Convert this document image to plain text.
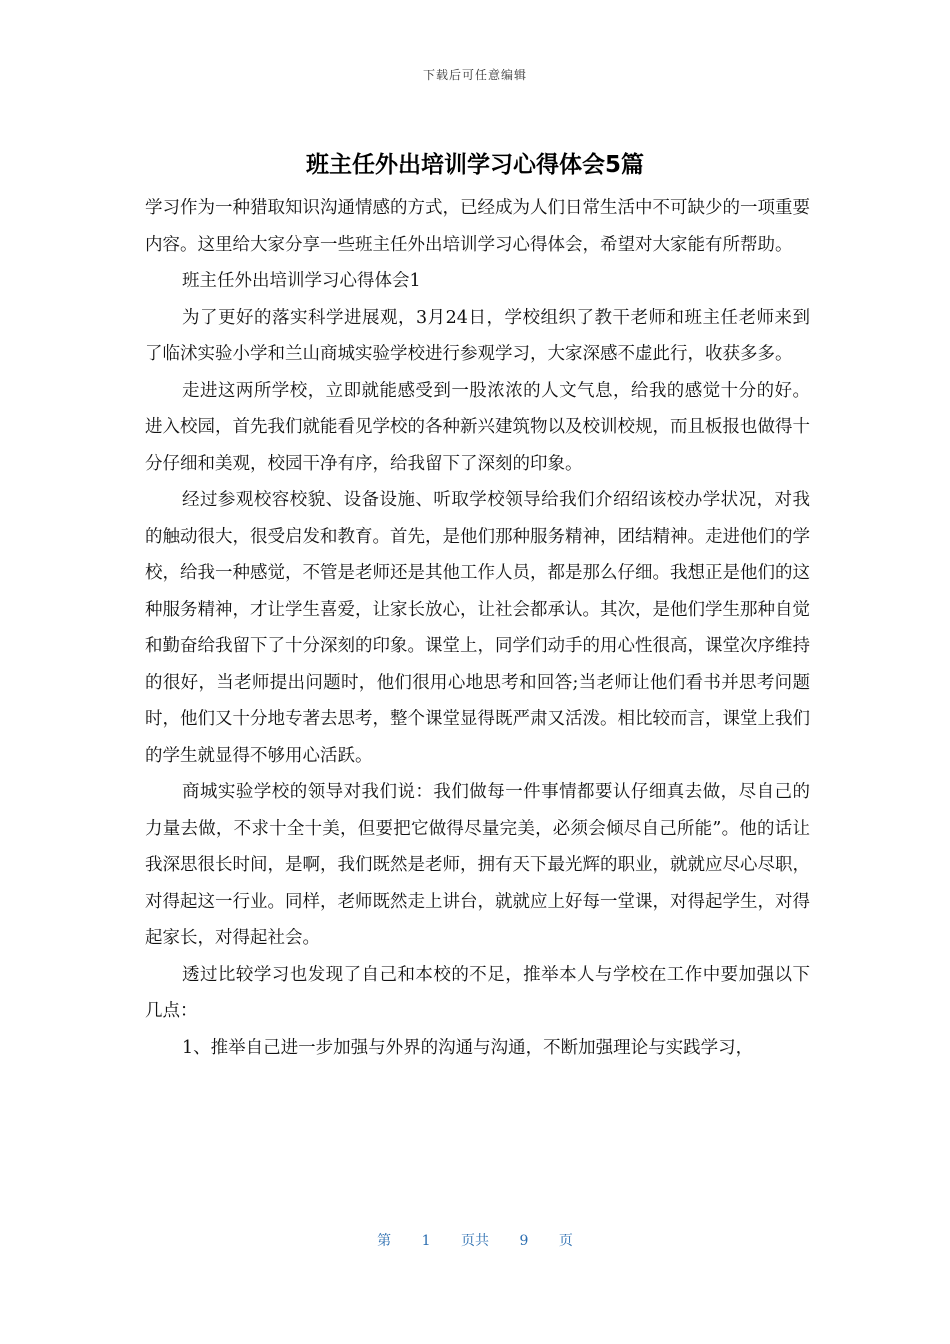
下载后可任意编辑
班主任外出培训学习心得体会5篇

学习作为一种猎取知识沟通情感的方式，已经成为人们日常生活中不可缺少的一项重要内容。这里给大家分享一些班主任外出培训学习心得体会，希望对大家能有所帮助。

班主任外出培训学习心得体会1

为了更好的落实科学进展观，3月24日，学校组织了教干老师和班主任老师来到了临沭实验小学和兰山商城实验学校进行参观学习，大家深感不虚此行，收获多多。

走进这两所学校，立即就能感受到一股浓浓的人文气息，给我的感觉十分的好。进入校园，首先我们就能看见学校的各种新兴建筑物以及校训校规，而且板报也做得十分仔细和美观，校园干净有序，给我留下了深刻的印象。

经过参观校容校貌、设备设施、听取学校领导给我们介绍绍该校办学状况，对我的触动很大，很受启发和教育。首先，是他们那种服务精神，团结精神。走进他们的学校，给我一种感觉，不管是老师还是其他工作人员，都是那么仔细。我想正是他们的这种服务精神，才让学生喜爱，让家长放心，让社会都承认。其次，是他们学生那种自觉和勤奋给我留下了十分深刻的印象。课堂上，同学们动手的用心性很高，课堂次序维持的很好，当老师提出问题时，他们很用心地思考和回答;当老师让他们看书并思考问题时，他们又十分地专著去思考，整个课堂显得既严肃又活泼。相比较而言，课堂上我们的学生就显得不够用心活跃。

商城实验学校的领导对我们说：我们做每一件事情都要认仔细真去做，尽自己的力量去做，不求十全十美，但要把它做得尽量完美，必须会倾尽自己所能”。他的话让我深思很长时间，是啊，我们既然是老师，拥有天下最光辉的职业，就就应尽心尽职，对得起这一行业。同样，老师既然走上讲台，就就应上好每一堂课，对得起学生，对得起家长，对得起社会。

透过比较学习也发现了自己和本校的不足，推举本人与学校在工作中要加强以下几点：

1、推举自己进一步加强与外界的沟通与沟通，不断加强理论与实践学习，

第 1 页共 9 页
